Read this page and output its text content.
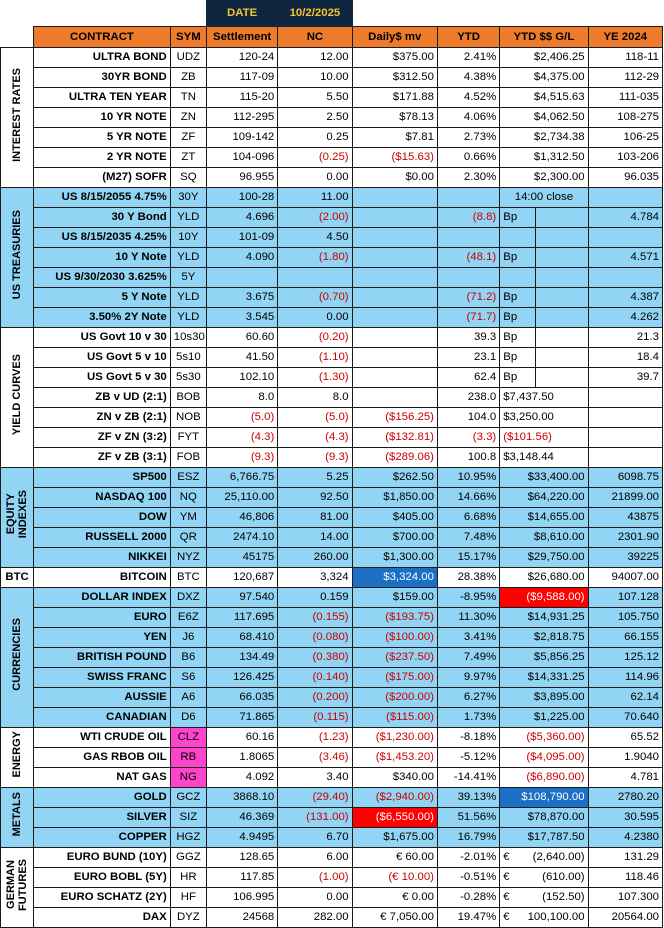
			DATE	10/2/2025					
	CONTRACT	SYM	Settlement	NC	Daily$ mv	YTD	YTD $$ G/L		YE 2024
INTEREST RATES	ULTRA BOND	UDZ	120-24	12.00	$375.00	2.41%	$2,406.25		118-11
	30YR BOND	ZB	117-09	10.00	$312.50	4.38%	$4,375.00		112-29
	ULTRA TEN YEAR	TN	115-20	5.50	$171.88	4.52%	$4,515.63		111-035
	10 YR NOTE	ZN	112-295	2.50	$78.13	4.06%	$4,062.50		108-275
	5 YR NOTE	ZF	109-142	0.25	$7.81	2.73%	$2,734.38		106-25
	2 YR NOTE	ZT	104-096	(0.25)	($15.63)	0.66%	$1,312.50		103-206
	(M27) SOFR	SQ	96.955	0.00	$0.00	2.30%	$2,300.00		96.035
US TREASURIES	US 8/15/2055 4.75%	30Y	100-28	11.00			14:00 close		
	30 Y Bond	YLD	4.696	(2.00)		(8.8)	Bp		4.784
	US 8/15/2035 4.25%	10Y	101-09	4.50					
	10 Y Note	YLD	4.090	(1.80)		(48.1)	Bp		4.571
	US 9/30/2030 3.625%	5Y							
	5 Y Note	YLD	3.675	(0.70)		(71.2)	Bp		4.387
	3.50% 2Y Note	YLD	3.545	0.00		(71.7)	Bp		4.262
YIELD CURVES	US Govt 10 v 30	10s30	60.60	(0.20)		39.3	Bp		21.3
	US Govt 5 v 10	5s10	41.50	(1.10)		23.1	Bp		18.4
	US Govt 5 v 30	5s30	102.10	(1.30)		62.4	Bp		39.7
	ZB v UD (2:1)	BOB	8.0	8.0		238.0	$7,437.50		
	ZN v ZB (2:1)	NOB	(5.0)	(5.0)	($156.25)	104.0	$3,250.00		
	ZF v ZN (3:2)	FYT	(4.3)	(4.3)	($132.81)	(3.3)	($101.56)		
	ZF v ZB (3:1)	FOB	(9.3)	(9.3)	($289.06)	100.8	$3,148.44		
EQUITY
INDEXES	SP500	ESZ	6,766.75	5.25	$262.50	10.95%	$33,400.00		6098.75
	NASDAQ 100	NQ	25,110.00	92.50	$1,850.00	14.66%	$64,220.00		21899.00
	DOW	YM	46,806	81.00	$405.00	6.68%	$14,655.00		43875
	RUSSELL 2000	QR	2474.10	14.00	$700.00	7.48%	$8,610.00		2301.90
	NIKKEI	NYZ	45175	260.00	$1,300.00	15.17%	$29,750.00		39225
BTC	BITCOIN	BTC	120,687	3,324	$3,324.00	28.38%	$26,680.00		94007.00
CURRENCIES	DOLLAR INDEX	DXZ	97.540	0.159	$159.00	-8.95%	($9,588.00)		107.128
	EURO	E6Z	117.695	(0.155)	($193.75)	11.30%	$14,931.25		105.750
	YEN	J6	68.410	(0.080)	($100.00)	3.41%	$2,818.75		66.155
	BRITISH POUND	B6	134.49	(0.380)	($237.50)	7.49%	$5,856.25		125.12
	SWISS FRANC	S6	126.425	(0.140)	($175.00)	9.97%	$14,331.25		114.96
	AUSSIE	A6	66.035	(0.200)	($200.00)	6.27%	$3,895.00		62.14
	CANADIAN	D6	71.865	(0.115)	($115.00)	1.73%	$1,225.00		70.640
ENERGY	WTI CRUDE OIL	CLZ	60.16	(1.23)	($1,230.00)	-8.18%	($5,360.00)		65.52
	GAS RBOB OIL	RB	1.8065	(3.46)	($1,453.20)	-5.12%	($4,095.00)		1.9040
	NAT GAS	NG	4.092	3.40	$340.00	-14.41%	($6,890.00)		4.781
METALS	GOLD	GCZ	3868.10	(29.40)	($2,940.00)	39.13%	$108,790.00		2780.20
	SILVER	SIZ	46.369	(131.00)	($6,550.00)	51.56%	$78,870.00		30.595
	COPPER	HGZ	4.9495	6.70	$1,675.00	16.79%	$17,787.50		4.2380
GERMAN
FUTURES	EURO BUND (10Y)	GGZ	128.65	6.00	€ 60.00	-2.01%	€ (2,640.00)		131.29
	EURO BOBL (5Y)	HR	117.85	(1.00)	(€ 10.00)	-0.51%	€ (610.00)		118.46
	EURO SCHATZ (2Y)	HF	106.995	0.00	€ 0.00	-0.28%	€ (152.50)		107.300
	DAX	DYZ	24568	282.00	€ 7,050.00	19.47%	€ 100,100.00		20564.00
